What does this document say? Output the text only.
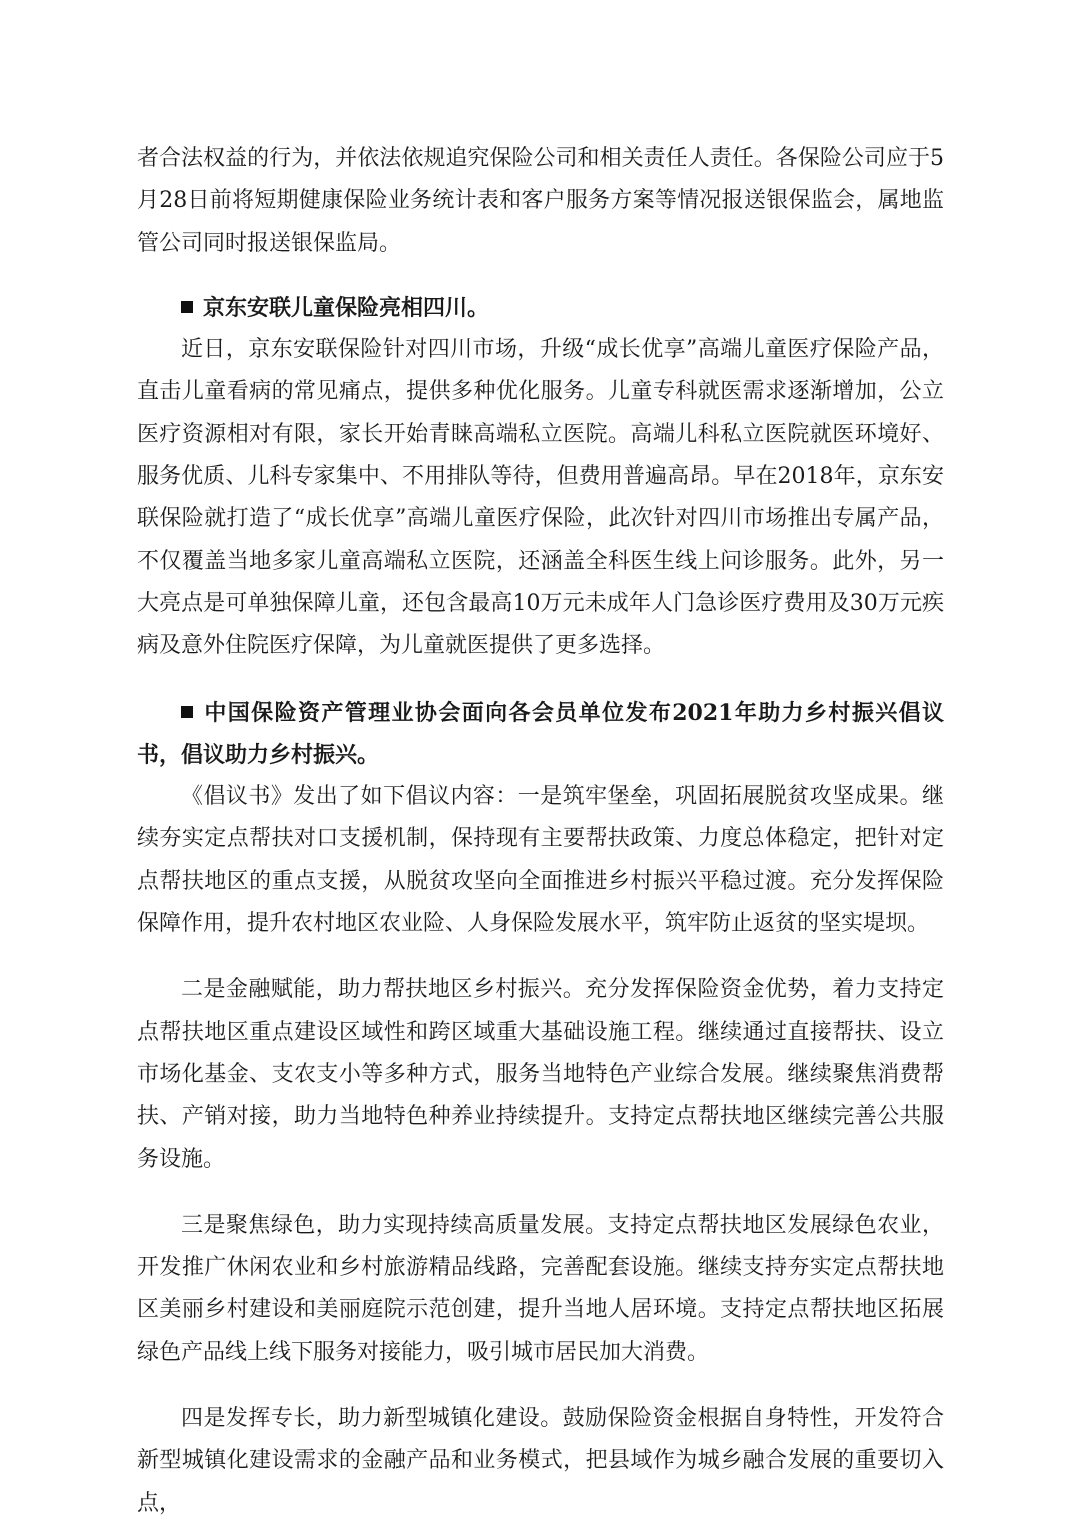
者合法权益的行为，并依法依规追究保险公司和相关责任人责任。各保险公司应于5月28日前将短期健康保险业务统计表和客户服务方案等情况报送银保监会，属地监管公司同时报送银保监局。

京东安联儿童保险亮相四川。

近日，京东安联保险针对四川市场，升级“成长优享”高端儿童医疗保险产品，直击儿童看病的常见痛点，提供多种优化服务。儿童专科就医需求逐渐增加，公立医疗资源相对有限，家长开始青睐高端私立医院。高端儿科私立医院就医环境好、服务优质、儿科专家集中、不用排队等待，但费用普遍高昂。早在2018年，京东安联保险就打造了“成长优享”高端儿童医疗保险，此次针对四川市场推出专属产品，不仅覆盖当地多家儿童高端私立医院，还涵盖全科医生线上问诊服务。此外，另一大亮点是可单独保障儿童，还包含最高10万元未成年人门急诊医疗费用及30万元疾病及意外住院医疗保障，为儿童就医提供了更多选择。

中国保险资产管理业协会面向各会员单位发布2021年助力乡村振兴倡议书，倡议助力乡村振兴。

《倡议书》发出了如下倡议内容：一是筑牢堡垒，巩固拓展脱贫攻坚成果。继续夯实定点帮扶对口支援机制，保持现有主要帮扶政策、力度总体稳定，把针对定点帮扶地区的重点支援，从脱贫攻坚向全面推进乡村振兴平稳过渡。充分发挥保险保障作用，提升农村地区农业险、人身保险发展水平，筑牢防止返贫的坚实堤坝。

二是金融赋能，助力帮扶地区乡村振兴。充分发挥保险资金优势，着力支持定点帮扶地区重点建设区域性和跨区域重大基础设施工程。继续通过直接帮扶、设立市场化基金、支农支小等多种方式，服务当地特色产业综合发展。继续聚焦消费帮扶、产销对接，助力当地特色种养业持续提升。支持定点帮扶地区继续完善公共服务设施。

三是聚焦绿色，助力实现持续高质量发展。支持定点帮扶地区发展绿色农业，开发推广休闲农业和乡村旅游精品线路，完善配套设施。继续支持夯实定点帮扶地区美丽乡村建设和美丽庭院示范创建，提升当地人居环境。支持定点帮扶地区拓展绿色产品线上线下服务对接能力，吸引城市居民加大消费。

四是发挥专长，助力新型城镇化建设。鼓励保险资金根据自身特性，开发符合新型城镇化建设需求的金融产品和业务模式，把县域作为城乡融合发展的重要切入点，
